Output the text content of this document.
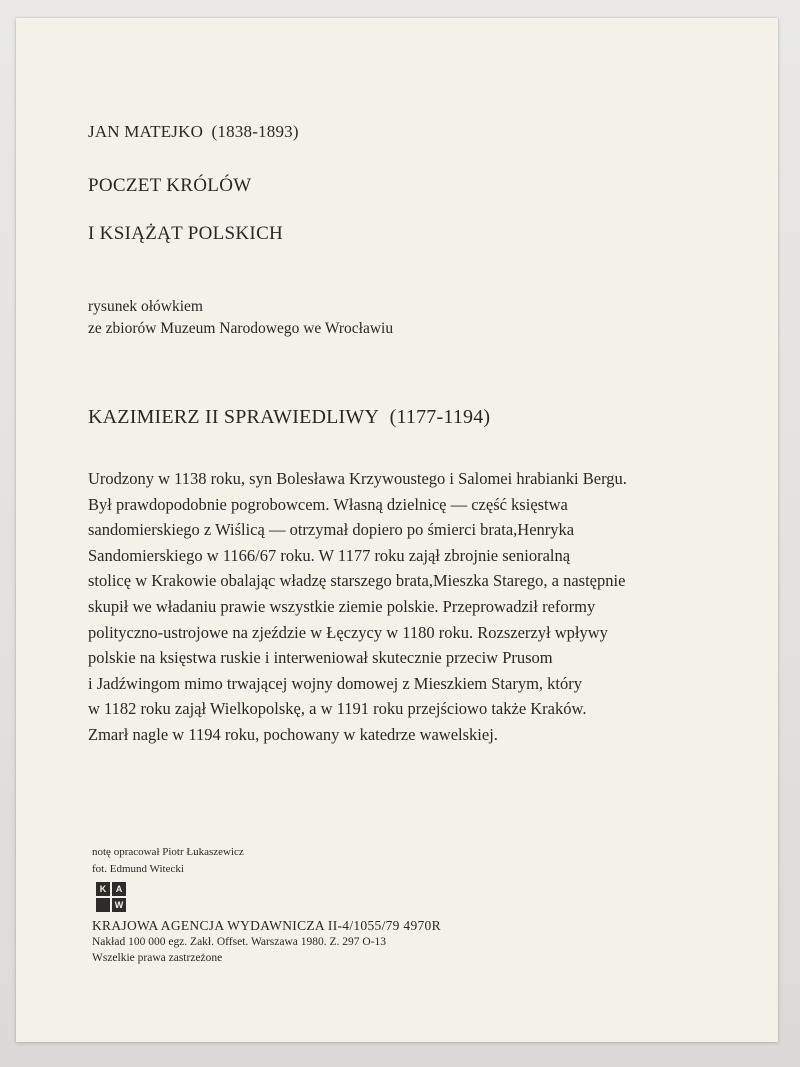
JAN MATEJKO (1838-1893)
POCZET KRÓLÓW
I KSIĄŻĄT POLSKICH
rysunek ołówkiem
ze zbiorów Muzeum Narodowego we Wrocławiu
KAZIMIERZ II SPRAWIEDLIWY (1177-1194)
Urodzony w 1138 roku, syn Bolesława Krzywoustego i Salomei hrabianki Bergu.
Był prawdopodobnie pogrobowcem. Własną dzielnicę — część księstwa
sandomierskiego z Wiślicą — otrzymał dopiero po śmierci brata,Henryka
Sandomierskiego w 1166/67 roku. W 1177 roku zajął zbrojnie senioralną
stolicę w Krakowie obalając władzę starszego brata,Mieszka Starego, a następnie
skupił we władaniu prawie wszystkie ziemie polskie. Przeprowadził reformy
polityczno-ustrojowe na zjeździe w Łęczycy w 1180 roku. Rozszerzył wpływy
polskie na księstwa ruskie i interweniował skutecznie przeciw Prusom
i Jadźwingom mimo trwającej wojny domowej z Mieszkiem Starym, który
w 1182 roku zajął Wielkopolskę, a w 1191 roku przejściowo także Kraków.
Zmarł nagle w 1194 roku, pochowany w katedrze wawelskiej.
notę opracował Piotr Łukaszewicz
fot. Edmund Witecki
K	A
W
KRAJOWA AGENCJA WYDAWNICZA II-4/1055/79 4970R
Nakład 100 000 egz. Zakł. Offset. Warszawa 1980. Z. 297 O-13
Wszelkie prawa zastrzeżone
